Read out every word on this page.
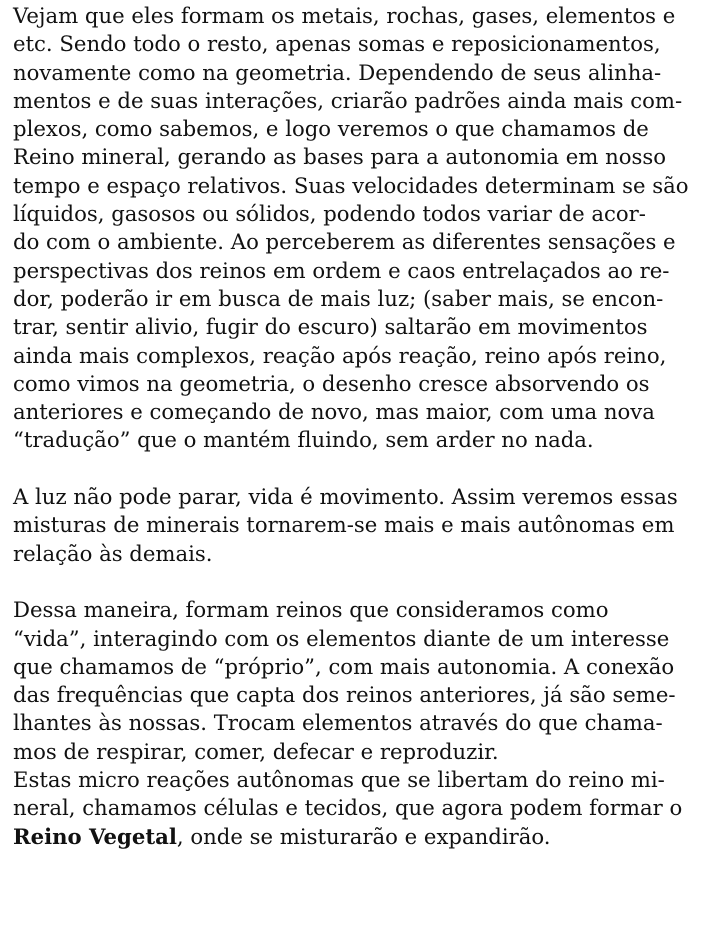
Vejam que eles formam os metais, rochas, gases, elementos e
etc. Sendo todo o resto, apenas somas e reposicionamentos,
novamente como na geometria. Dependendo de seus alinha-
mentos e de suas interações, criarão padrões ainda mais com-
plexos, como sabemos, e logo veremos o que chamamos de
Reino mineral, gerando as bases para a autonomia em nosso
tempo e espaço relativos. Suas velocidades determinam se são
líquidos, gasosos ou sólidos, podendo todos variar de acor-
do com o ambiente. Ao perceberem as diferentes sensações e
perspectivas dos reinos em ordem e caos entrelaçados ao re-
dor, poderão ir em busca de mais luz; (saber mais, se encon-
trar, sentir alivio, fugir do escuro) saltarão em movimentos
ainda mais complexos, reação após reação, reino após reino,
como vimos na geometria, o desenho cresce absorvendo os
anteriores e começando de novo, mas maior, com uma nova
“tradução” que o mantém fluindo, sem arder no nada.
A luz não pode parar, vida é movimento. Assim veremos essas
misturas de minerais tornarem-se mais e mais autônomas em
relação às demais.
Dessa maneira, formam reinos que consideramos como
“vida”, interagindo com os elementos diante de um interesse
que chamamos de “próprio”, com mais autonomia. A conexão
das frequências que capta dos reinos anteriores, já são seme-
lhantes às nossas. Trocam elementos através do que chama-
mos de respirar, comer, defecar e reproduzir.
Estas micro reações autônomas que se libertam do reino mi-
neral, chamamos células e tecidos, que agora podem formar o
Reino Vegetal, onde se misturarão e expandirão.
